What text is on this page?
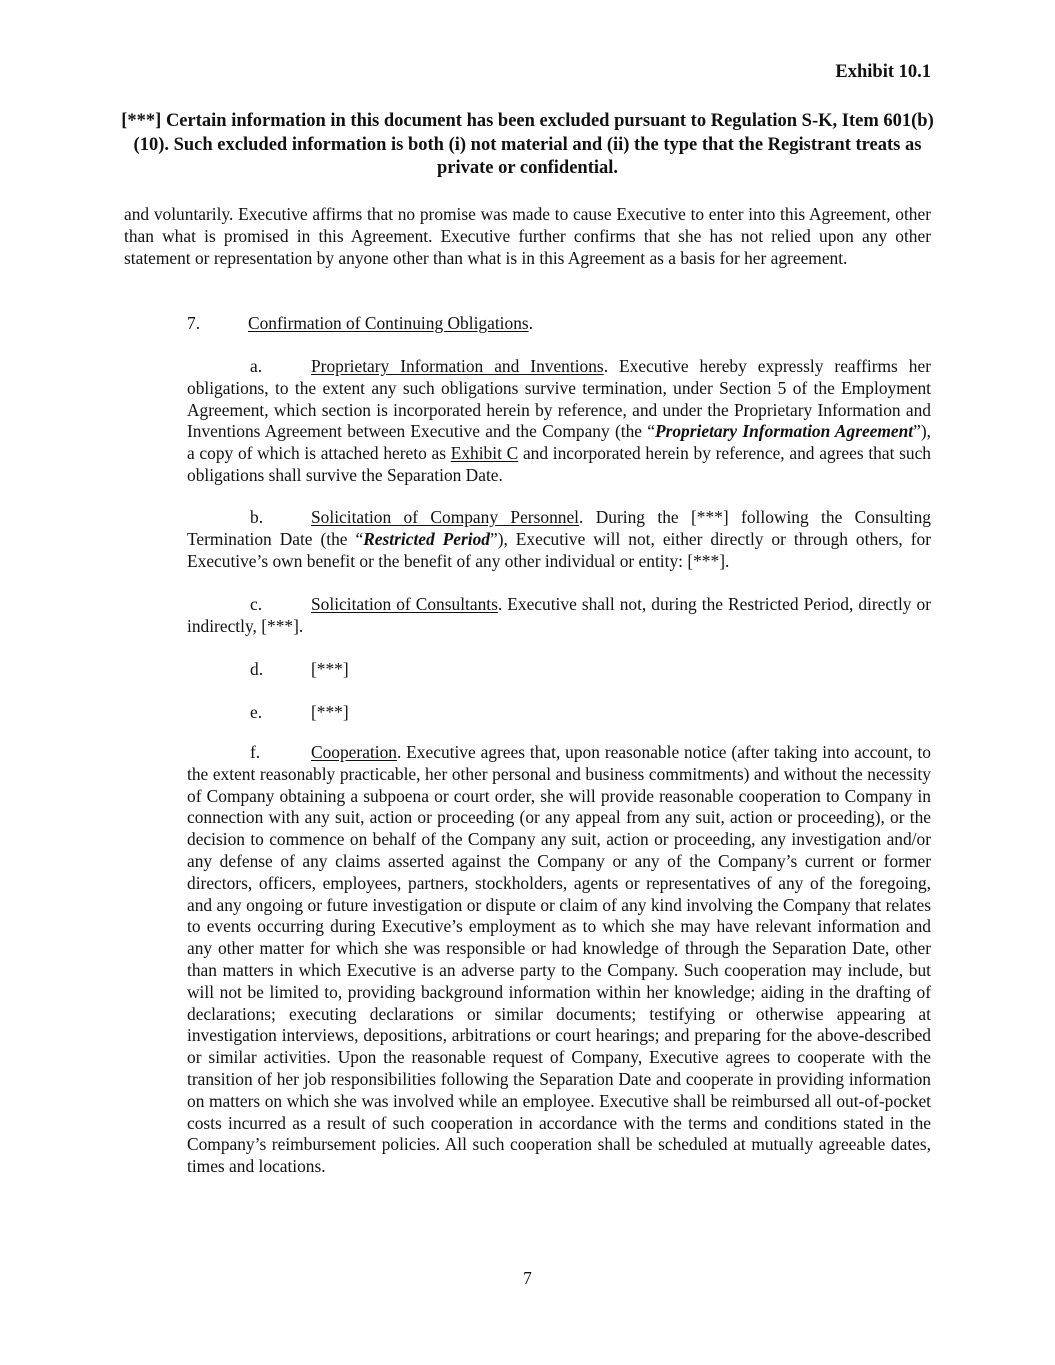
Exhibit 10.1
[***] Certain information in this document has been excluded pursuant to Regulation S-K, Item 601(b)(10). Such excluded information is both (i) not material and (ii) the type that the Registrant treats as private or confidential.
and voluntarily. Executive affirms that no promise was made to cause Executive to enter into this Agreement, other than what is promised in this Agreement. Executive further confirms that she has not relied upon any other statement or representation by anyone other than what is in this Agreement as a basis for her agreement.
7.	Confirmation of Continuing Obligations.
a.	Proprietary Information and Inventions. Executive hereby expressly reaffirms her obligations, to the extent any such obligations survive termination, under Section 5 of the Employment Agreement, which section is incorporated herein by reference, and under the Proprietary Information and Inventions Agreement between Executive and the Company (the “Proprietary Information Agreement”), a copy of which is attached hereto as Exhibit C and incorporated herein by reference, and agrees that such obligations shall survive the Separation Date.
b.	Solicitation of Company Personnel. During the [***] following the Consulting Termination Date (the “Restricted Period”), Executive will not, either directly or through others, for Executive’s own benefit or the benefit of any other individual or entity: [***].
c.	Solicitation of Consultants. Executive shall not, during the Restricted Period, directly or indirectly, [***].
d.	[***]
e.	[***]
f.	Cooperation. Executive agrees that, upon reasonable notice (after taking into account, to the extent reasonably practicable, her other personal and business commitments) and without the necessity of Company obtaining a subpoena or court order, she will provide reasonable cooperation to Company in connection with any suit, action or proceeding (or any appeal from any suit, action or proceeding), or the decision to commence on behalf of the Company any suit, action or proceeding, any investigation and/or any defense of any claims asserted against the Company or any of the Company’s current or former directors, officers, employees, partners, stockholders, agents or representatives of any of the foregoing, and any ongoing or future investigation or dispute or claim of any kind involving the Company that relates to events occurring during Executive’s employment as to which she may have relevant information and any other matter for which she was responsible or had knowledge of through the Separation Date, other than matters in which Executive is an adverse party to the Company. Such cooperation may include, but will not be limited to, providing background information within her knowledge; aiding in the drafting of declarations; executing declarations or similar documents; testifying or otherwise appearing at investigation interviews, depositions, arbitrations or court hearings; and preparing for the above-described or similar activities. Upon the reasonable request of Company, Executive agrees to cooperate with the transition of her job responsibilities following the Separation Date and cooperate in providing information on matters on which she was involved while an employee. Executive shall be reimbursed all out-of-pocket costs incurred as a result of such cooperation in accordance with the terms and conditions stated in the Company’s reimbursement policies. All such cooperation shall be scheduled at mutually agreeable dates, times and locations.
7
